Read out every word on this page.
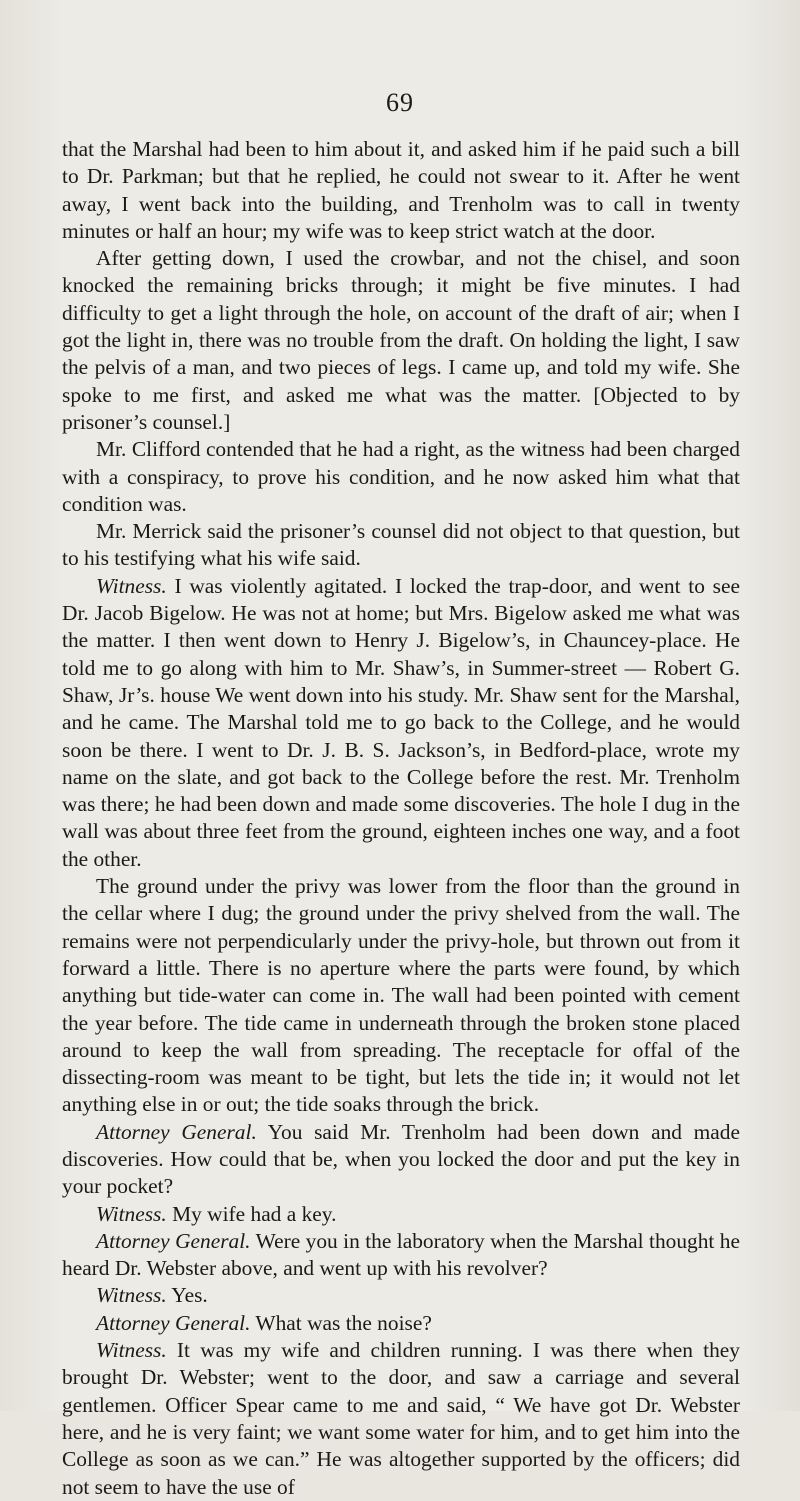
69

that the Marshal had been to him about it, and asked him if he paid such a bill to Dr. Parkman; but that he replied, he could not swear to it. After he went away, I went back into the building, and Trenholm was to call in twenty minutes or half an hour; my wife was to keep strict watch at the door.

After getting down, I used the crowbar, and not the chisel, and soon knocked the remaining bricks through; it might be five minutes. I had difficulty to get a light through the hole, on account of the draft of air; when I got the light in, there was no trouble from the draft. On holding the light, I saw the pelvis of a man, and two pieces of legs. I came up, and told my wife. She spoke to me first, and asked me what was the matter. [Objected to by prisoner’s counsel.]

Mr. Clifford contended that he had a right, as the witness had been charged with a conspiracy, to prove his condition, and he now asked him what that condition was.

Mr. Merrick said the prisoner’s counsel did not object to that question, but to his testifying what his wife said.

Witness. I was violently agitated. I locked the trap-door, and went to see Dr. Jacob Bigelow. He was not at home; but Mrs. Bigelow asked me what was the matter. I then went down to Henry J. Bigelow’s, in Chauncey-place. He told me to go along with him to Mr. Shaw’s, in Summer-street — Robert G. Shaw, Jr’s. house We went down into his study. Mr. Shaw sent for the Marshal, and he came. The Marshal told me to go back to the College, and he would soon be there. I went to Dr. J. B. S. Jackson’s, in Bedford-place, wrote my name on the slate, and got back to the College before the rest. Mr. Trenholm was there; he had been down and made some discoveries. The hole I dug in the wall was about three feet from the ground, eighteen inches one way, and a foot the other.

The ground under the privy was lower from the floor than the ground in the cellar where I dug; the ground under the privy shelved from the wall. The remains were not perpendicularly under the privy-hole, but thrown out from it forward a little. There is no aperture where the parts were found, by which anything but tide-water can come in. The wall had been pointed with cement the year before. The tide came in underneath through the broken stone placed around to keep the wall from spreading. The receptacle for offal of the dissecting-room was meant to be tight, but lets the tide in; it would not let anything else in or out; the tide soaks through the brick.

Attorney General. You said Mr. Trenholm had been down and made discoveries. How could that be, when you locked the door and put the key in your pocket?

Witness. My wife had a key.

Attorney General. Were you in the laboratory when the Marshal thought he heard Dr. Webster above, and went up with his revolver?

Witness. Yes.

Attorney General. What was the noise?

Witness. It was my wife and children running. I was there when they brought Dr. Webster; went to the door, and saw a carriage and several gentlemen. Officer Spear came to me and said, “ We have got Dr. Webster here, and he is very faint; we want some water for him, and to get him into the College as soon as we can.” He was altogether supported by the officers; did not seem to have the use of
